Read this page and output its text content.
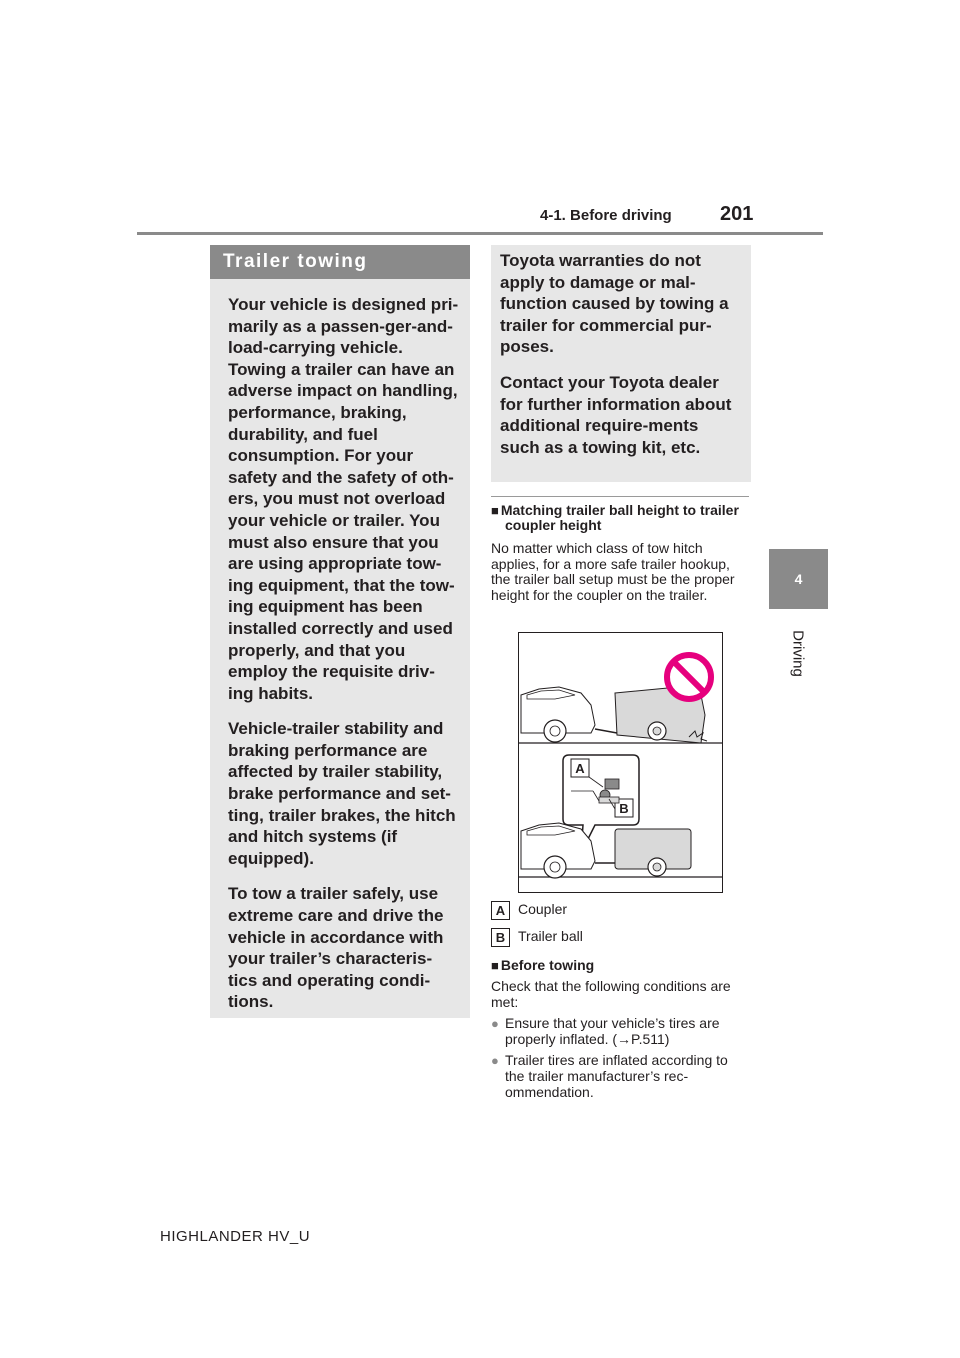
4-1. Before driving 201
4
Driving
Trailer towing

Your vehicle is designed pri-marily as a passen-ger-and-load-carrying vehicle. Towing a trailer can have an adverse impact on handling, performance, braking, durability, and fuel consumption. For your safety and the safety of oth-ers, you must not overload your vehicle or trailer. You must also ensure that you are using appropriate tow-ing equipment, that the tow-ing equipment has been installed correctly and used properly, and that you employ the requisite driv-ing habits.

Vehicle-trailer stability and braking performance are affected by trailer stability, brake performance and set-ting, trailer brakes, the hitch and hitch systems (if equipped).

To tow a trailer safely, use extreme care and drive the vehicle in accordance with your trailer’s characteris-tics and operating condi-tions.

Toyota warranties do not apply to damage or mal-function caused by towing a trailer for commercial pur-poses.

Contact your Toyota dealer for further information about additional require-ments such as a towing kit, etc.

■ Matching trailer ball height to trailer coupler height
No matter which class of tow hitch applies, for a more safe trailer hookup, the trailer ball setup must be the proper height for the coupler on the trailer.
A
B
A Coupler
B Trailer ball
■ Before towing
Check that the following conditions are met:
● Ensure that your vehicle’s tires are properly inflated. (→P.511)
● Trailer tires are inflated according to the trailer manufacturer’s rec-ommendation.
HIGHLANDER HV_U
